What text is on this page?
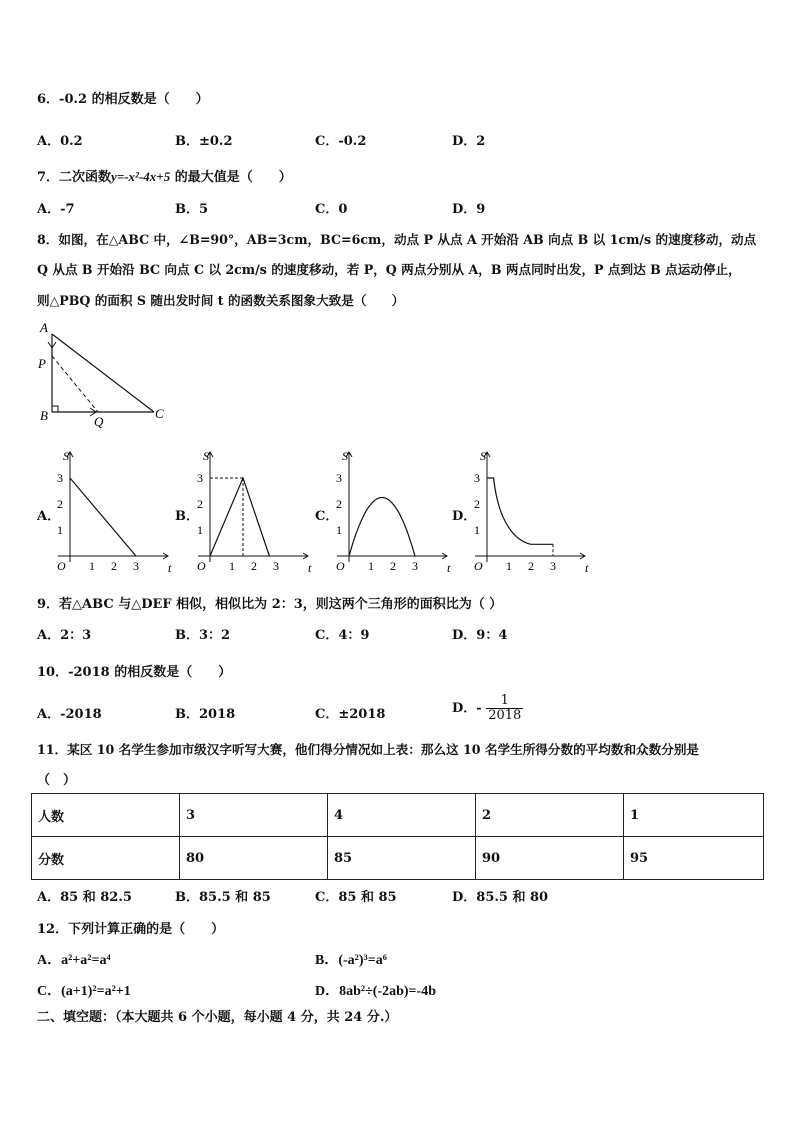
6．-0.2 的相反数是（　　）
A．0.2	B．±0.2	C．-0.2	D．2
7．二次函数y=-x²-4x+5 的最大值是（　　）
A．-7	B．5	C．0	D．9
8．如图，在△ABC 中，∠B=90°，AB=3cm，BC=6cm，动点 P 从点 A 开始沿 AB 向点 B 以 1cm/s 的速度移动，动点
Q 从点 B 开始沿 BC 向点 C 以 2cm/s 的速度移动，若 P，Q 两点分别从 A，B 两点同时出发，P 点到达 B 点运动停止，
则△PBQ 的面积 S 随出发时间 t 的函数关系图象大致是（　　）
A
P
B	Q
C
A．	B．	C．	D．
S
t
O 1 2 3
1
2
3
S
t
O 1 2 3
1
2
3
S
t
O 1 2 3
1
2
3
S
t
O 1 2 3
1
2
3
9．若△ABC 与△DEF 相似，相似比为 2：3，则这两个三角形的面积比为（ ）
A．2：3	B．3：2	C．4：9	D．9：4
10．-2018 的相反数是（　　）
A．-2018	B．2018	C．±2018	D．- $\frac{1}{2018}$
11．某区 10 名学生参加市级汉字听写大赛，他们得分情况如上表：那么这 10 名学生所得分数的平均数和众数分别是
（　）
人数	3	4	2	1
分数	80	85	90	95
A．85 和 82.5	B．85.5 和 85	C．85 和 85	D．85.5 和 80
12．下列计算正确的是（　　）
A．a²+a²=a⁴	B．(-a²)³=a⁶
C．(a+1)²=a²+1	D．8ab²÷(-2ab)=-4b
二、填空题：（本大题共 6 个小题，每小题 4 分，共 24 分.）
